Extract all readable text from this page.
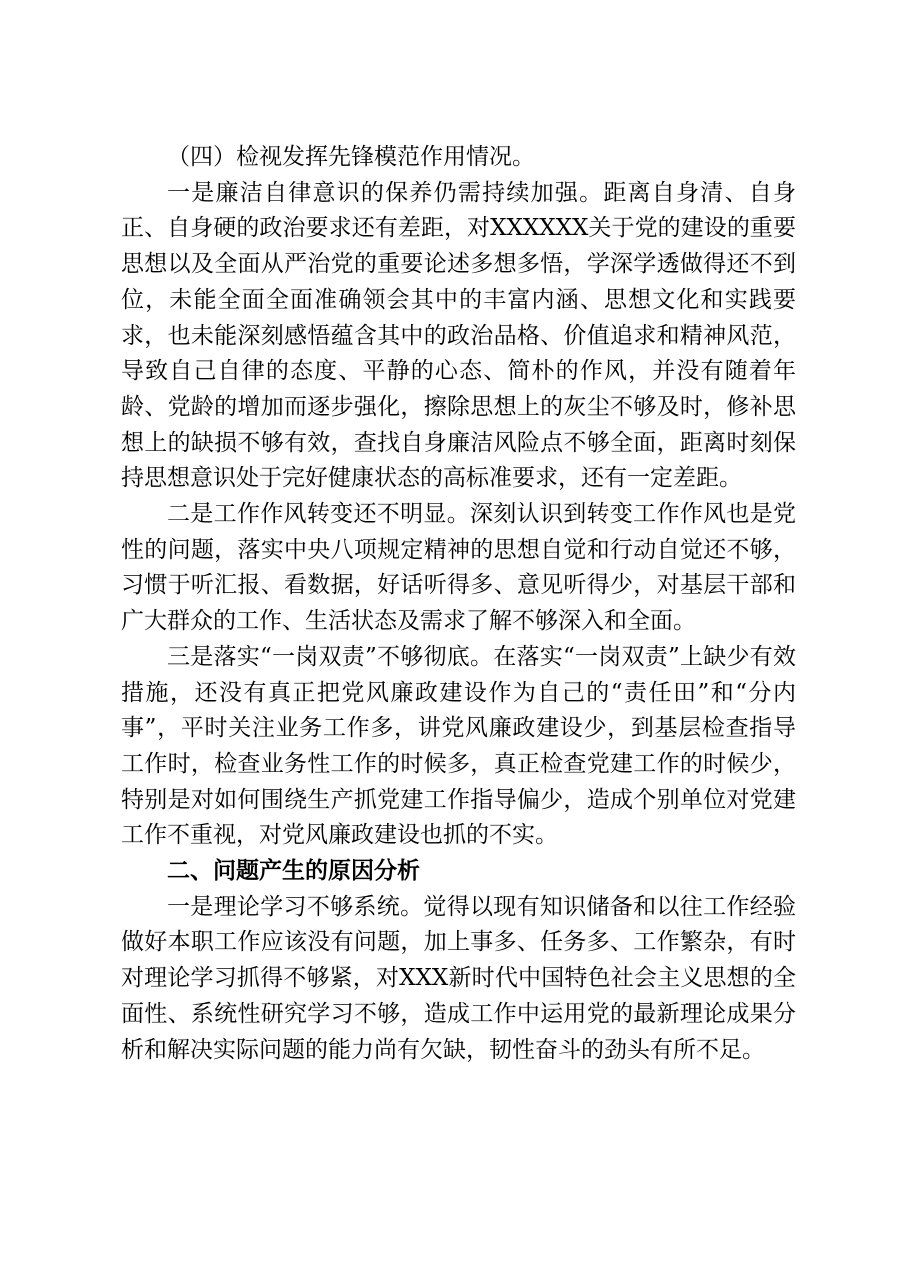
（四）检视发挥先锋模范作用情况。

一是廉洁自律意识的保养仍需持续加强。距离自身清、自身正、自身硬的政治要求还有差距，对XXXXXX关于党的建设的重要思想以及全面从严治党的重要论述多想多悟，学深学透做得还不到位，未能全面全面准确领会其中的丰富内涵、思想文化和实践要求，也未能深刻感悟蕴含其中的政治品格、价值追求和精神风范，导致自己自律的态度、平静的心态、简朴的作风，并没有随着年龄、党龄的增加而逐步强化，擦除思想上的灰尘不够及时，修补思想上的缺损不够有效，查找自身廉洁风险点不够全面，距离时刻保持思想意识处于完好健康状态的高标准要求，还有一定差距。

二是工作作风转变还不明显。深刻认识到转变工作作风也是党性的问题，落实中央八项规定精神的思想自觉和行动自觉还不够，习惯于听汇报、看数据，好话听得多、意见听得少，对基层干部和广大群众的工作、生活状态及需求了解不够深入和全面。

三是落实“一岗双责”不够彻底。在落实“一岗双责”上缺少有效措施，还没有真正把党风廉政建设作为自己的“责任田”和“分内事”，平时关注业务工作多，讲党风廉政建设少，到基层检查指导工作时，检查业务性工作的时候多，真正检查党建工作的时候少，特别是对如何围绕生产抓党建工作指导偏少，造成个别单位对党建工作不重视，对党风廉政建设也抓的不实。

二、问题产生的原因分析

一是理论学习不够系统。觉得以现有知识储备和以往工作经验做好本职工作应该没有问题，加上事多、任务多、工作繁杂，有时对理论学习抓得不够紧，对XXX新时代中国特色社会主义思想的全面性、系统性研究学习不够，造成工作中运用党的最新理论成果分析和解决实际问题的能力尚有欠缺，韧性奋斗的劲头有所不足。
